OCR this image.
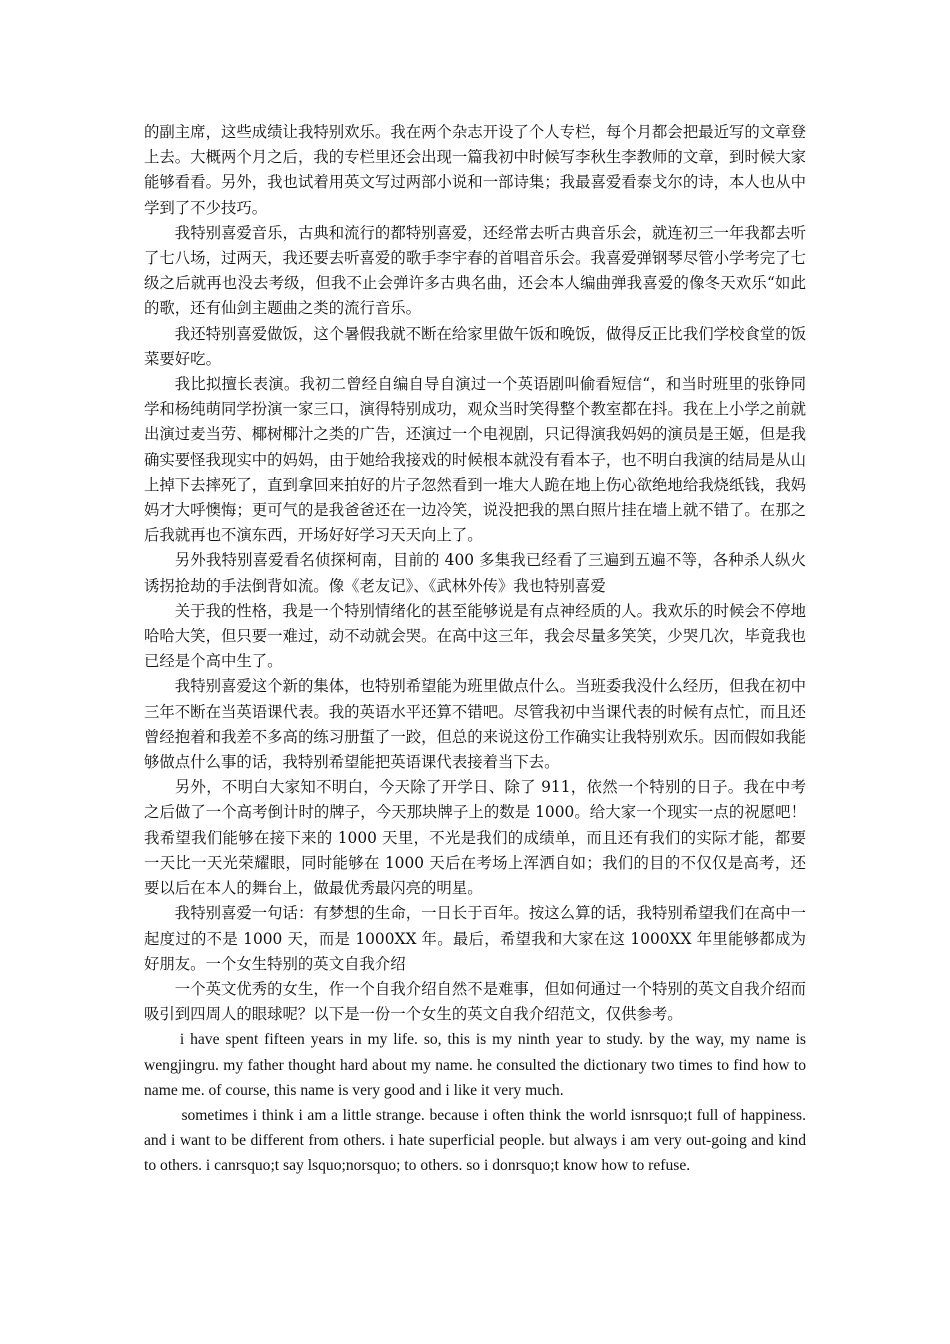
的副主席，这些成绩让我特别欢乐。我在两个杂志开设了个人专栏，每个月都会把最近写的文章登上去。大概两个月之后，我的专栏里还会出现一篇我初中时候写李秋生李教师的文章，到时候大家能够看看。另外，我也试着用英文写过两部小说和一部诗集；我最喜爱看泰戈尔的诗，本人也从中学到了不少技巧。

我特别喜爱音乐，古典和流行的都特别喜爱，还经常去听古典音乐会，就连初三一年我都去听了七八场，过两天，我还要去听喜爱的歌手李宇春的首唱音乐会。我喜爱弹钢琴尽管小学考完了七级之后就再也没去考级，但我不止会弹许多古典名曲，还会本人编曲弹我喜爱的像冬天欢乐“如此的歌，还有仙剑主题曲之类的流行音乐。

我还特别喜爱做饭，这个暑假我就不断在给家里做午饭和晚饭，做得反正比我们学校食堂的饭菜要好吃。

我比拟擅长表演。我初二曾经自编自导自演过一个英语剧叫偷看短信“，和当时班里的张铮同学和杨纯萌同学扮演一家三口，演得特别成功，观众当时笑得整个教室都在抖。我在上小学之前就出演过麦当劳、椰树椰汁之类的广告，还演过一个电视剧，只记得演我妈妈的演员是王姬，但是我确实要怪我现实中的妈妈，由于她给我接戏的时候根本就没有看本子，也不明白我演的结局是从山上掉下去摔死了，直到拿回来拍好的片子忽然看到一堆大人跪在地上伤心欲绝地给我烧纸钱，我妈妈才大呼懊悔；更可气的是我爸爸还在一边冷笑，说没把我的黑白照片挂在墙上就不错了。在那之后我就再也不演东西，开场好好学习天天向上了。

另外我特别喜爱看名侦探柯南，目前的 400 多集我已经看了三遍到五遍不等，各种杀人纵火诱拐抢劫的手法倒背如流。像《老友记》、《武林外传》我也特别喜爱

关于我的性格，我是一个特别情绪化的甚至能够说是有点神经质的人。我欢乐的时候会不停地哈哈大笑，但只要一难过，动不动就会哭。在高中这三年，我会尽量多笑笑，少哭几次，毕竟我也已经是个高中生了。

我特别喜爱这个新的集体，也特别希望能为班里做点什么。当班委我没什么经历，但我在初中三年不断在当英语课代表。我的英语水平还算不错吧。尽管我初中当课代表的时候有点忙，而且还曾经抱着和我差不多高的练习册蜇了一跤，但总的来说这份工作确实让我特别欢乐。因而假如我能够做点什么事的话，我特别希望能把英语课代表接着当下去。

另外，不明白大家知不明白，今天除了开学日、除了 911，依然一个特别的日子。我在中考之后做了一个高考倒计时的牌子，今天那块牌子上的数是 1000。给大家一个现实一点的祝愿吧！我希望我们能够在接下来的 1000 天里，不光是我们的成绩单，而且还有我们的实际才能，都要一天比一天光荣耀眼，同时能够在 1000 天后在考场上浑洒自如；我们的目的不仅仅是高考，还要以后在本人的舞台上，做最优秀最闪亮的明星。

我特别喜爱一句话：有梦想的生命，一日长于百年。按这么算的话，我特别希望我们在高中一起度过的不是 1000 天，而是 1000XX 年。最后，希望我和大家在这 1000XX 年里能够都成为好朋友。一个女生特别的英文自我介绍

一个英文优秀的女生，作一个自我介绍自然不是难事，但如何通过一个特别的英文自我介绍而吸引到四周人的眼球呢？以下是一份一个女生的英文自我介绍范文，仅供参考。

i have spent fifteen years in my life. so, this is my ninth year to study. by the way, my name is wengjingru. my father thought hard about my name. he consulted the dictionary two times to find how to name me. of course, this name is very good and i like it very much.

sometimes i think i am a little strange. because i often think the world isnrsquo;t full of happiness. and i want to be different from others. i hate superficial people. but always i am very out-going and kind to others. i canrsquo;t say lsquo;norsquo; to others. so i donrsquo;t know how to refuse.
